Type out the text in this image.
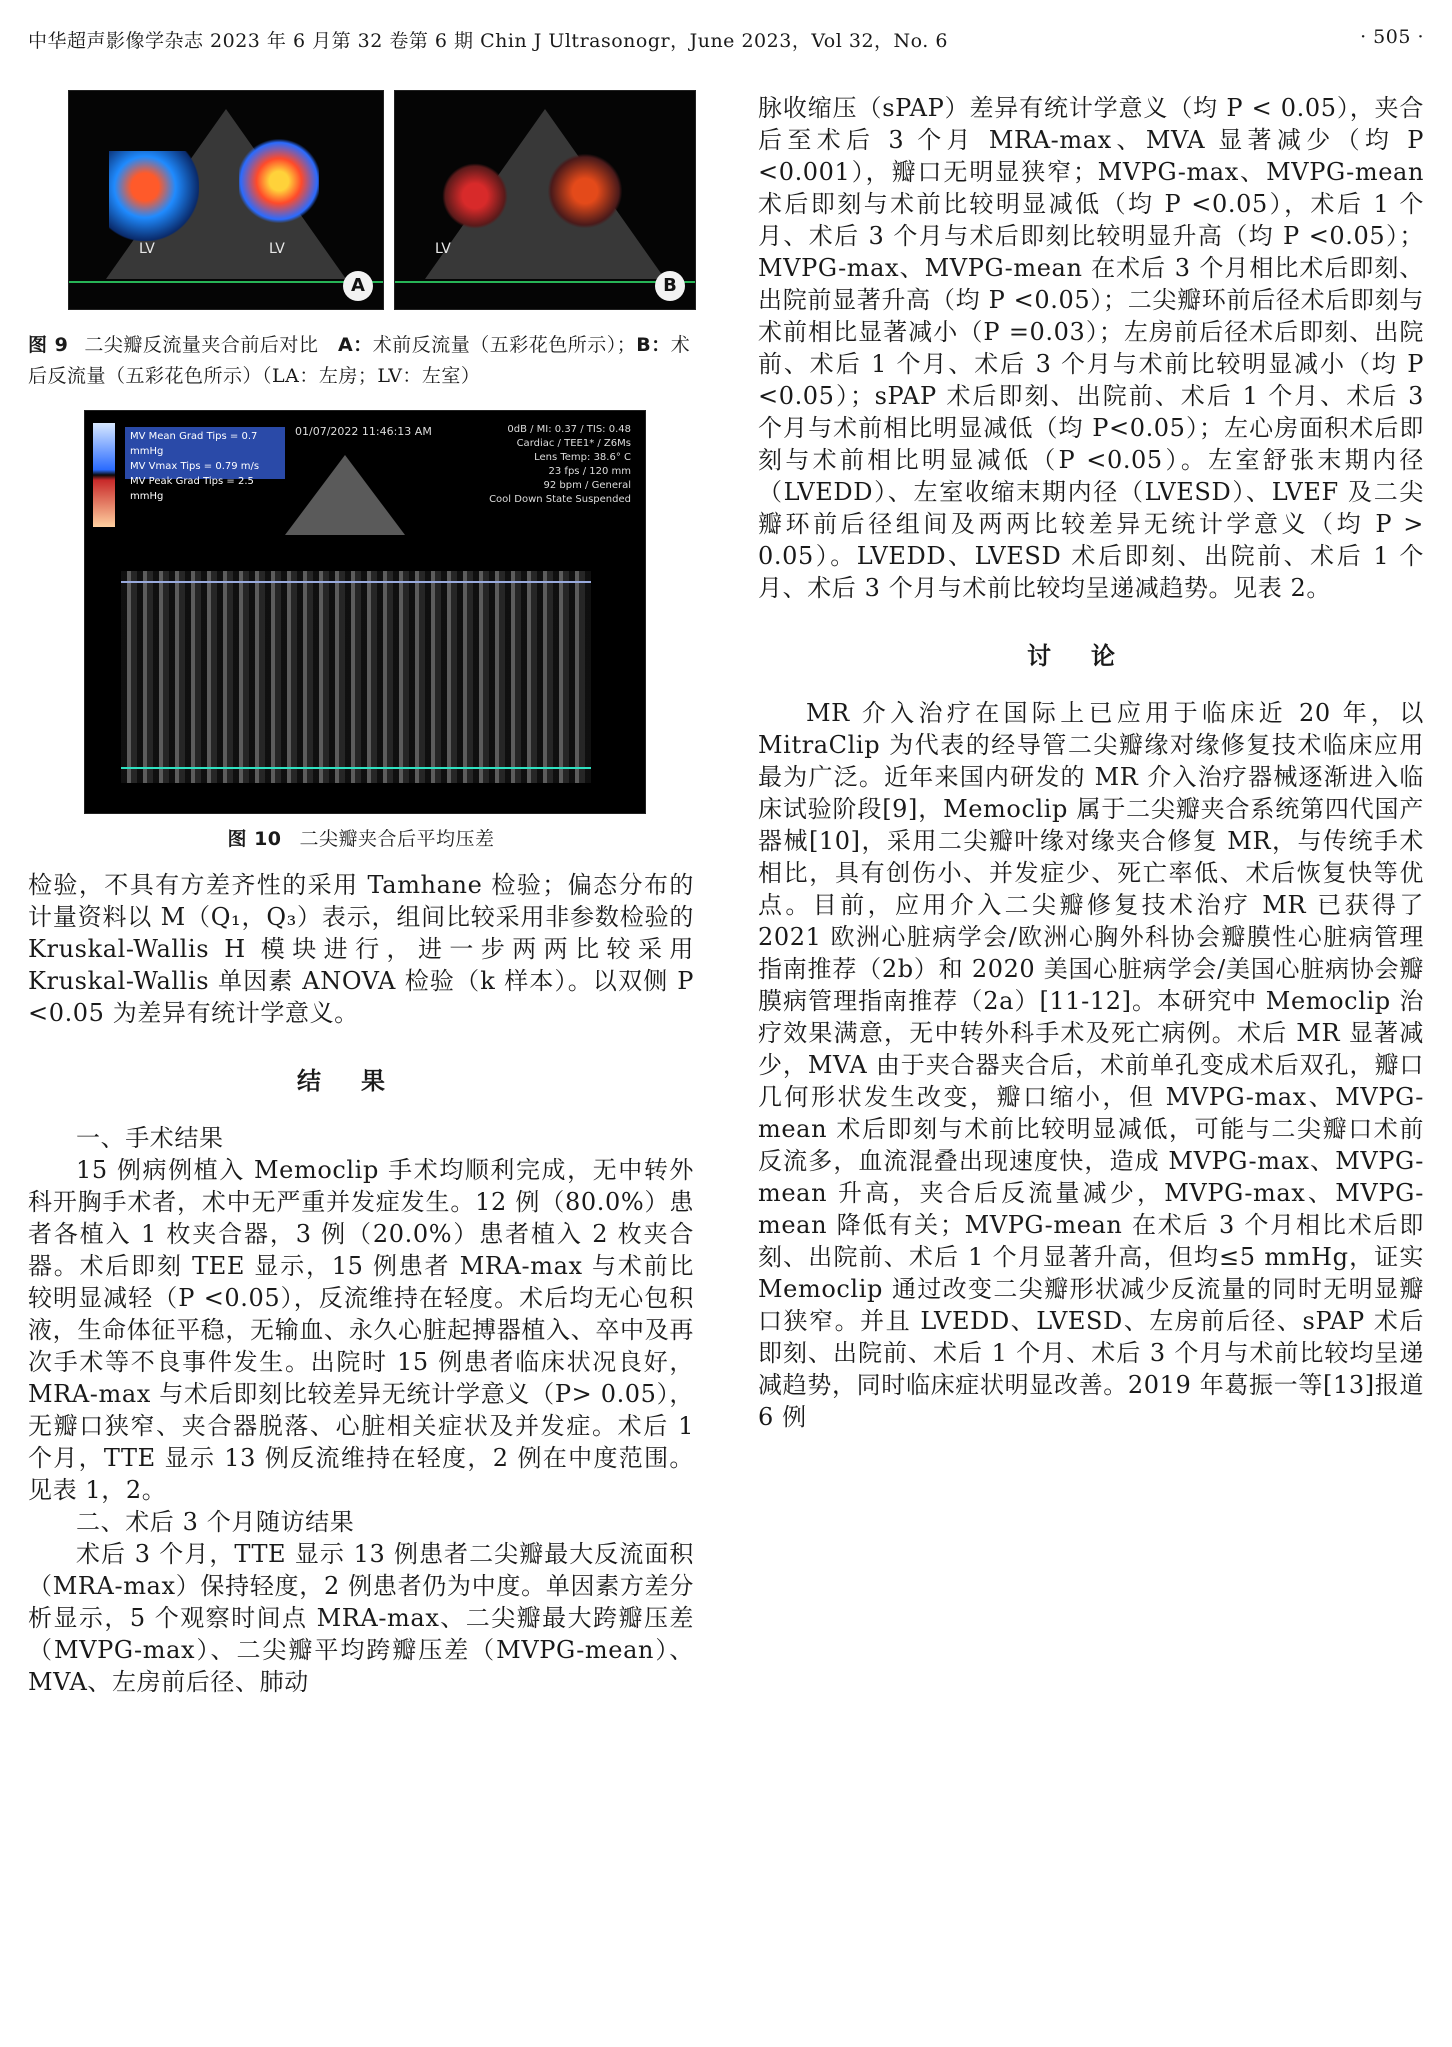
中华超声影像学杂志 2023 年 6 月第 32 卷第 6 期 Chin J Ultrasonogr，June 2023，Vol 32，No. 6	· 505 ·
LV	LV
A
LV
B
图 9 二尖瓣反流量夹合前后对比 A：术前反流量（五彩花色所示）；B：术后反流量（五彩花色所示）（LA：左房；LV：左室）
MV Mean Grad Tips = 0.7 mmHg
MV Vmax Tips = 0.79 m/s
MV Peak Grad Tips = 2.5 mmHg
01/07/2022 11:46:13 AM	0dB / MI: 0.37 / TIS: 0.48
Cardiac / TEE1* / Z6Ms
Lens Temp: 38.6° C
23 fps / 120 mm
92 bpm / General
Cool Down State Suspended
图 10 二尖瓣夹合后平均压差

检验，不具有方差齐性的采用 Tamhane 检验；偏态分布的计量资料以 M（Q₁，Q₃）表示，组间比较采用非参数检验的 Kruskal-Wallis H 模块进行，进一步两两比较采用 Kruskal-Wallis 单因素 ANOVA 检验（k 样本）。以双侧 P <0.05 为差异有统计学意义。

结果

一、手术结果

15 例病例植入 Memoclip 手术均顺利完成，无中转外科开胸手术者，术中无严重并发症发生。12 例（80.0%）患者各植入 1 枚夹合器，3 例（20.0%）患者植入 2 枚夹合器。术后即刻 TEE 显示，15 例患者 MRA-max 与术前比较明显减轻（P <0.05），反流维持在轻度。术后均无心包积液，生命体征平稳，无输血、永久心脏起搏器植入、卒中及再次手术等不良事件发生。出院时 15 例患者临床状况良好，MRA-max 与术后即刻比较差异无统计学意义（P> 0.05），无瓣口狭窄、夹合器脱落、心脏相关症状及并发症。术后 1 个月，TTE 显示 13 例反流维持在轻度，2 例在中度范围。见表 1，2。

二、术后 3 个月随访结果

术后 3 个月，TTE 显示 13 例患者二尖瓣最大反流面积（MRA-max）保持轻度，2 例患者仍为中度。单因素方差分析显示，5 个观察时间点 MRA-max、二尖瓣最大跨瓣压差（MVPG-max）、二尖瓣平均跨瓣压差（MVPG-mean）、MVA、左房前后径、肺动

脉收缩压（sPAP）差异有统计学意义（均 P < 0.05），夹合后至术后 3 个月 MRA-max、MVA 显著减少（均 P <0.001），瓣口无明显狭窄；MVPG-max、MVPG-mean 术后即刻与术前比较明显减低（均 P <0.05），术后 1 个月、术后 3 个月与术后即刻比较明显升高（均 P <0.05）；MVPG-max、MVPG-mean 在术后 3 个月相比术后即刻、出院前显著升高（均 P <0.05）；二尖瓣环前后径术后即刻与术前相比显著减小（P =0.03）；左房前后径术后即刻、出院前、术后 1 个月、术后 3 个月与术前比较明显减小（均 P <0.05）；sPAP 术后即刻、出院前、术后 1 个月、术后 3 个月与术前相比明显减低（均 P<0.05）；左心房面积术后即刻与术前相比明显减低（P <0.05）。左室舒张末期内径（LVEDD）、左室收缩末期内径（LVESD）、LVEF 及二尖瓣环前后径组间及两两比较差异无统计学意义（均 P > 0.05）。LVEDD、LVESD 术后即刻、出院前、术后 1 个月、术后 3 个月与术前比较均呈递减趋势。见表 2。

讨论

MR 介入治疗在国际上已应用于临床近 20 年，以 MitraClip 为代表的经导管二尖瓣缘对缘修复技术临床应用最为广泛。近年来国内研发的 MR 介入治疗器械逐渐进入临床试验阶段[9]，Memoclip 属于二尖瓣夹合系统第四代国产器械[10]，采用二尖瓣叶缘对缘夹合修复 MR，与传统手术相比，具有创伤小、并发症少、死亡率低、术后恢复快等优点。目前，应用介入二尖瓣修复技术治疗 MR 已获得了 2021 欧洲心脏病学会/欧洲心胸外科协会瓣膜性心脏病管理指南推荐（2b）和 2020 美国心脏病学会/美国心脏病协会瓣膜病管理指南推荐（2a）[11-12]。本研究中 Memoclip 治疗效果满意，无中转外科手术及死亡病例。术后 MR 显著减少，MVA 由于夹合器夹合后，术前单孔变成术后双孔，瓣口几何形状发生改变，瓣口缩小，但 MVPG-max、MVPG-mean 术后即刻与术前比较明显减低，可能与二尖瓣口术前反流多，血流混叠出现速度快，造成 MVPG-max、MVPG-mean 升高，夹合后反流量减少，MVPG-max、MVPG-mean 降低有关；MVPG-mean 在术后 3 个月相比术后即刻、出院前、术后 1 个月显著升高，但均≤5 mmHg，证实 Memoclip 通过改变二尖瓣形状减少反流量的同时无明显瓣口狭窄。并且 LVEDD、LVESD、左房前后径、sPAP 术后即刻、出院前、术后 1 个月、术后 3 个月与术前比较均呈递减趋势，同时临床症状明显改善。2019 年葛振一等[13]报道 6 例
